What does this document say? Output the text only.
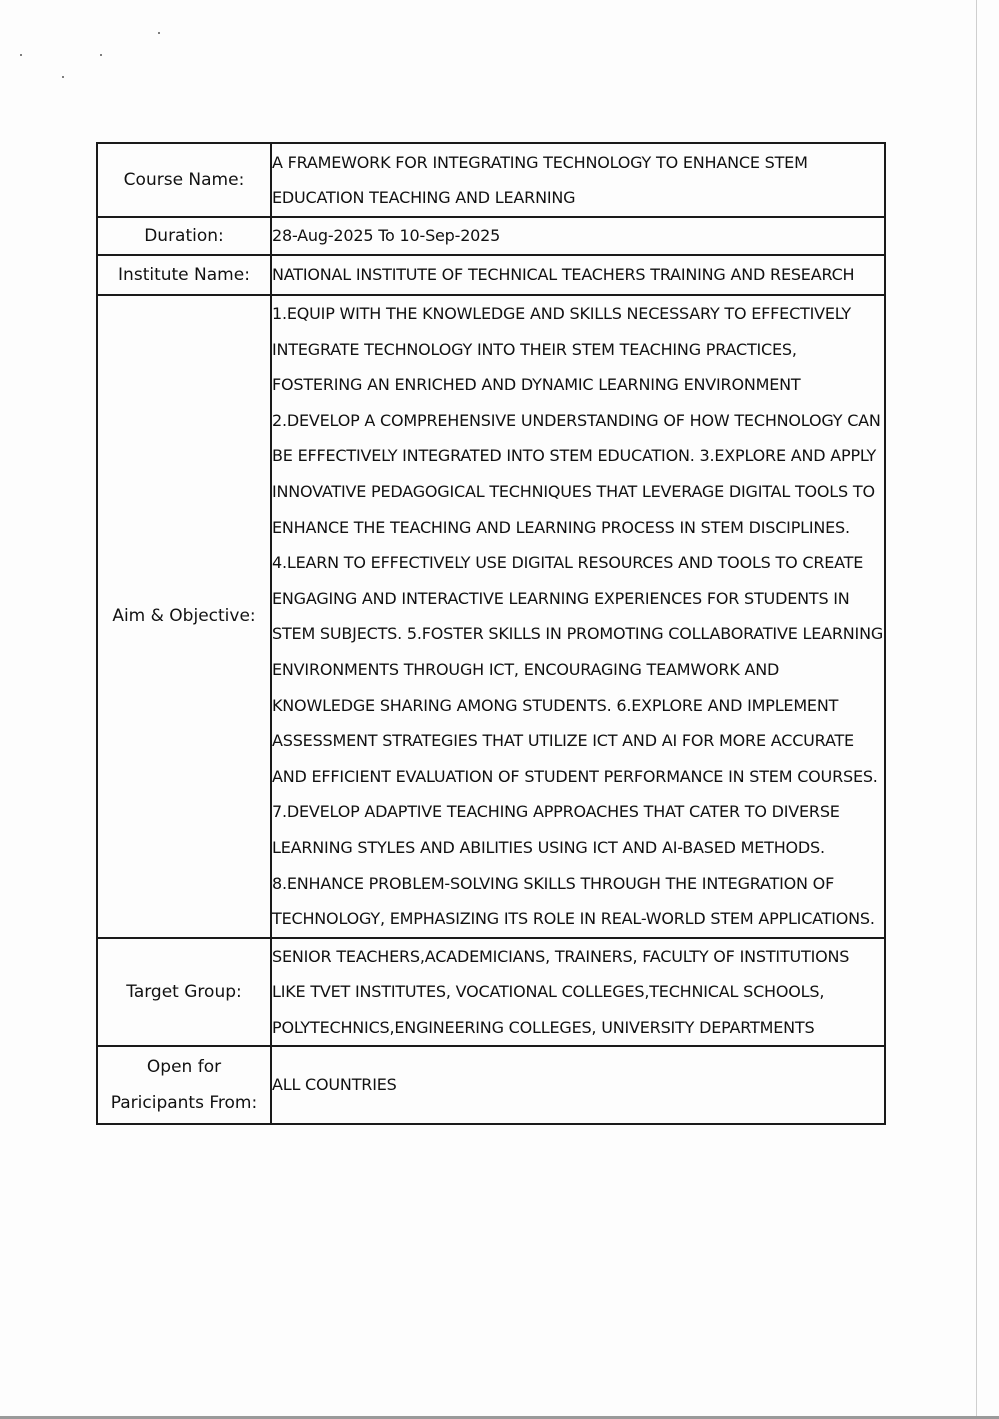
Course Name:	A FRAMEWORK FOR INTEGRATING TECHNOLOGY TO ENHANCE STEM EDUCATION TEACHING AND LEARNING
Duration:	28-Aug-2025 To 10-Sep-2025
Institute Name:	NATIONAL INSTITUTE OF TECHNICAL TEACHERS TRAINING AND RESEARCH
Aim & Objective:	1.EQUIP WITH THE KNOWLEDGE AND SKILLS NECESSARY TO EFFECTIVELY INTEGRATE TECHNOLOGY INTO THEIR STEM TEACHING PRACTICES, FOSTERING AN ENRICHED AND DYNAMIC LEARNING ENVIRONMENT 2.DEVELOP A COMPREHENSIVE UNDERSTANDING OF HOW TECHNOLOGY CAN BE EFFECTIVELY INTEGRATED INTO STEM EDUCATION. 3.EXPLORE AND APPLY INNOVATIVE PEDAGOGICAL TECHNIQUES THAT LEVERAGE DIGITAL TOOLS TO ENHANCE THE TEACHING AND LEARNING PROCESS IN STEM DISCIPLINES. 4.LEARN TO EFFECTIVELY USE DIGITAL RESOURCES AND TOOLS TO CREATE ENGAGING AND INTERACTIVE LEARNING EXPERIENCES FOR STUDENTS IN STEM SUBJECTS. 5.FOSTER SKILLS IN PROMOTING COLLABORATIVE LEARNING ENVIRONMENTS THROUGH ICT, ENCOURAGING TEAMWORK AND KNOWLEDGE SHARING AMONG STUDENTS. 6.EXPLORE AND IMPLEMENT ASSESSMENT STRATEGIES THAT UTILIZE ICT AND AI FOR MORE ACCURATE AND EFFICIENT EVALUATION OF STUDENT PERFORMANCE IN STEM COURSES. 7.DEVELOP ADAPTIVE TEACHING APPROACHES THAT CATER TO DIVERSE LEARNING STYLES AND ABILITIES USING ICT AND AI-BASED METHODS. 8.ENHANCE PROBLEM-SOLVING SKILLS THROUGH THE INTEGRATION OF TECHNOLOGY, EMPHASIZING ITS ROLE IN REAL-WORLD STEM APPLICATIONS.
Target Group:	SENIOR TEACHERS,ACADEMICIANS, TRAINERS, FACULTY OF INSTITUTIONS LIKE TVET INSTITUTES, VOCATIONAL COLLEGES,TECHNICAL SCHOOLS, POLYTECHNICS,ENGINEERING COLLEGES, UNIVERSITY DEPARTMENTS
Open for Paricipants From:	ALL COUNTRIES
